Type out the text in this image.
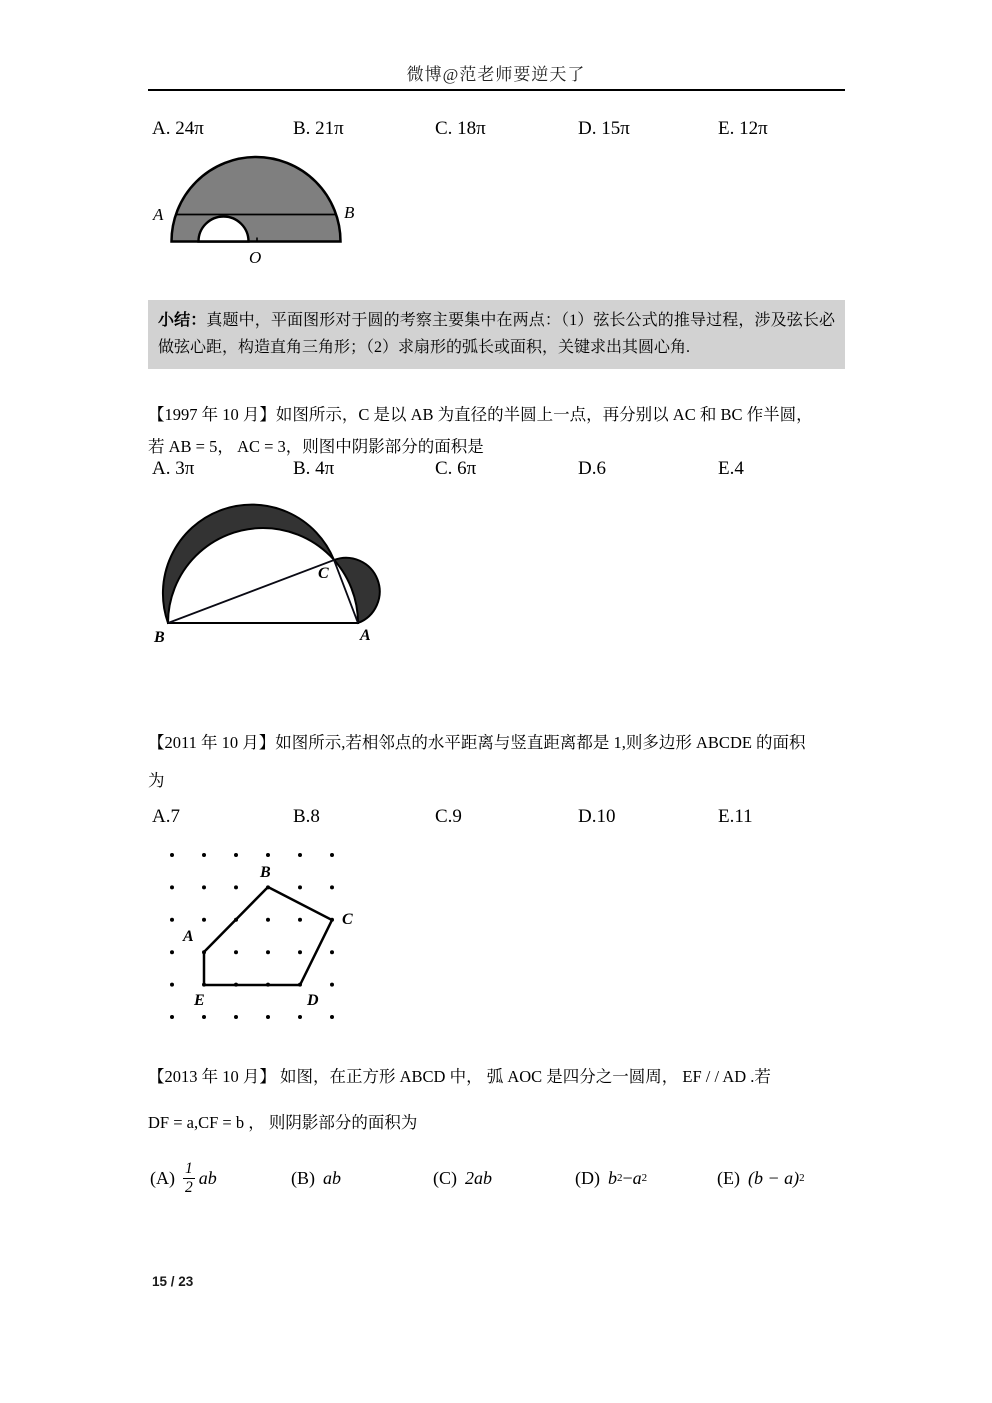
微博@范老师要逆天了
A. 24π	B. 21π	C. 18π	D. 15π	E. 12π
A	B
O
小结：真题中，平面图形对于圆的考察主要集中在两点：（1）弦长公式的推导过程，涉及弦长必做弦心距，构造直角三角形；（2）求扇形的弧长或面积，关键求出其圆心角.
【1997 年 10 月】如图所示，C 是以 AB 为直径的半圆上一点，再分别以 AC 和 BC 作半圆，
若 AB = 5， AC = 3，则图中阴影部分的面积是
A. 3π	B. 4π	C. 6π	D.6	E.4
B	A
C
【2011 年 10 月】如图所示,若相邻点的水平距离与竖直距离都是 1,则多边形 ABCDE 的面积
为
A.7	B.8	C.9	D.10	E.11
A
B
C
D
E
【2013 年 10 月】 如图，在正方形 ABCD 中， 弧 AOC 是四分之一圆周， EF / / AD .若
DF = a,CF = b ， 则阴影部分的面积为
$(A) \frac{1}{2}$ ab	(B) ab	(C) 2ab	(D) b 2 − a 2	(E) (b − a) 2
15 / 23
